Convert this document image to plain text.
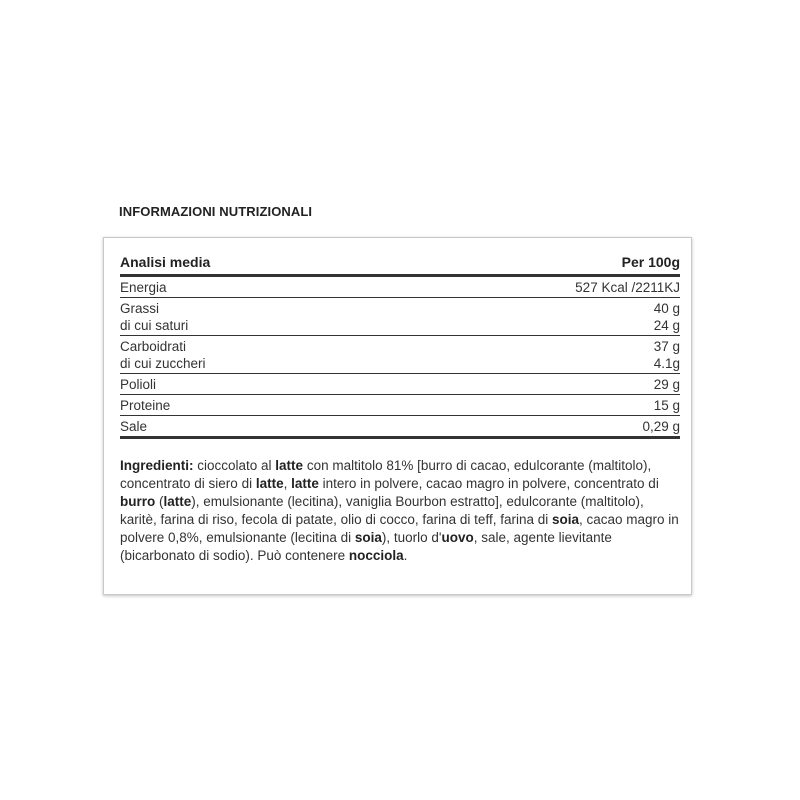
INFORMAZIONI NUTRIZIONALI
Analisi media	Per 100g
Energia	527 Kcal /2211KJ
Grassi	40 g
di cui saturi	24 g
Carboidrati	37 g
di cui zuccheri	4.1g
Polioli	29 g
Proteine	15 g
Sale	0,29 g
Ingredienti: cioccolato al latte con maltitolo 81% [burro di cacao, edulcorante (maltitolo), concentrato di siero di latte, latte intero in polvere, cacao magro in polvere, concentrato di burro (latte), emulsionante (lecitina), vaniglia Bourbon estratto], edulcorante (maltitolo), karitè, farina di riso, fecola di patate, olio di cocco, farina di teff, farina di soia, cacao magro in polvere 0,8%, emulsionante (lecitina di soia), tuorlo d'uovo, sale, agente lievitante (bicarbonato di sodio). Può contenere nocciola.
